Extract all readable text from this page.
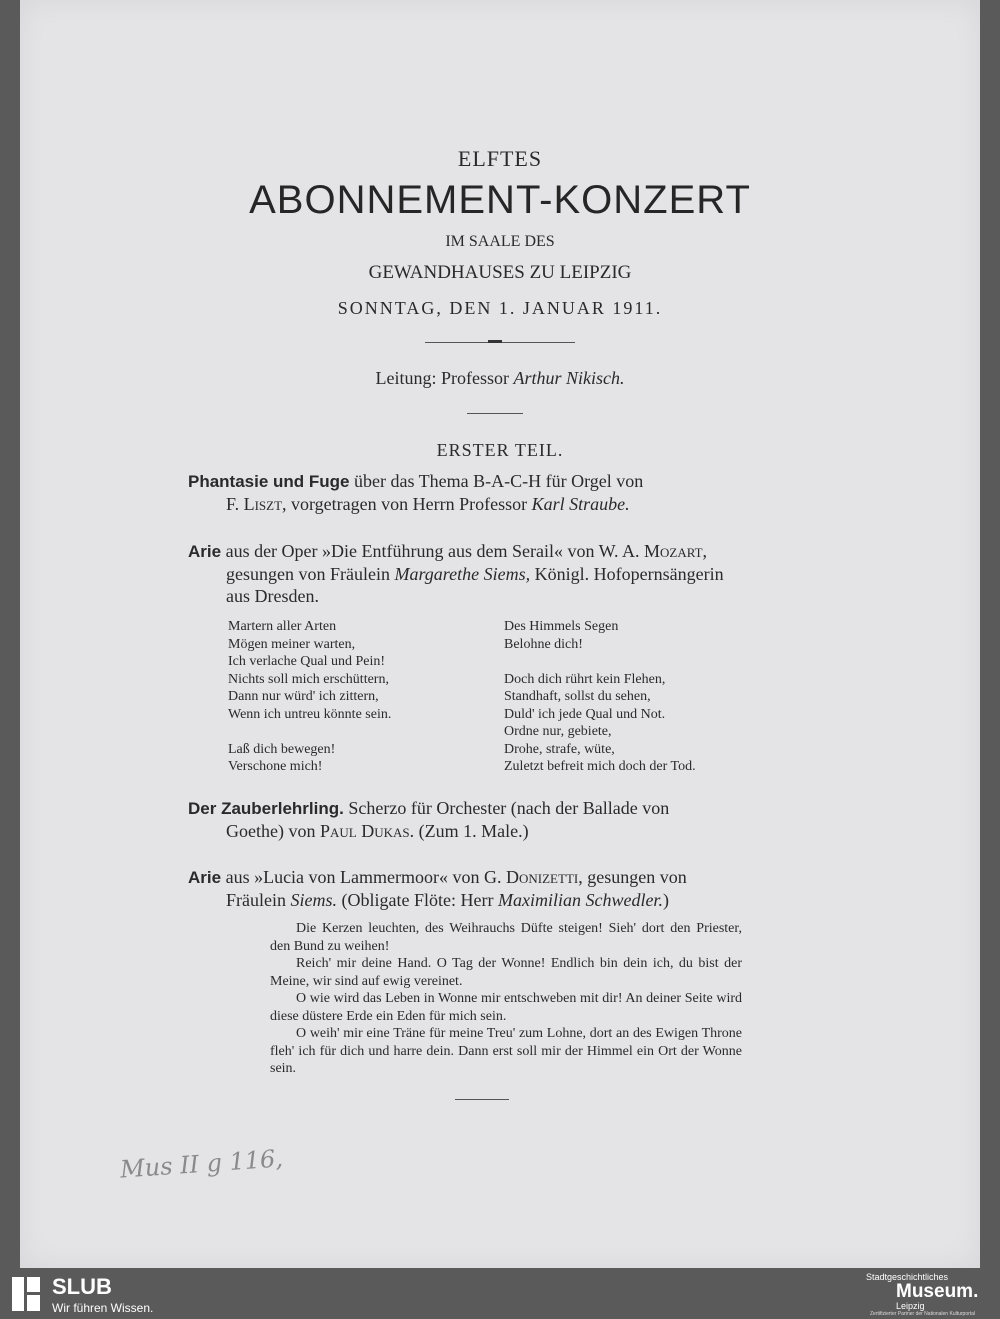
ELFTES
ABONNEMENT-KONZERT
IM SAALE DES
GEWANDHAUSES ZU LEIPZIG
SONNTAG, DEN 1. JANUAR 1911.
Leitung: Professor Arthur Nikisch.
ERSTER TEIL.

Phantasie und Fuge über das Thema B-A-C-H für Orgel von

F. Liszt, vorgetragen von Herrn Professor Karl Straube.

Arie aus der Oper »Die Entführung aus dem Serail« von W. A. Mozart,

gesungen von Fräulein Margarethe Siems, Königl. Hofopernsängerin

aus Dresden.

Martern aller Arten
Mögen meiner warten,
Ich verlache Qual und Pein!
Nichts soll mich erschüttern,
Dann nur würd' ich zittern,
Wenn ich untreu könnte sein.
Laß dich bewegen!
Verschone mich!
Des Himmels Segen
Belohne dich!
Doch dich rührt kein Flehen,
Standhaft, sollst du sehen,
Duld' ich jede Qual und Not.
Ordne nur, gebiete,
Drohe, strafe, wüte,
Zuletzt befreit mich doch der Tod.

Der Zauberlehrling. Scherzo für Orchester (nach der Ballade von

Goethe) von Paul Dukas. (Zum 1. Male.)

Arie aus »Lucia von Lammermoor« von G. Donizetti, gesungen von

Fräulein Siems. (Obligate Flöte: Herr Maximilian Schwedler.)

Die Kerzen leuchten, des Weihrauchs Düfte steigen! Sieh' dort den Priester, den Bund zu weihen!

Reich' mir deine Hand. O Tag der Wonne! Endlich bin dein ich, du bist der Meine, wir sind auf ewig vereinet.

O wie wird das Leben in Wonne mir entschweben mit dir! An deiner Seite wird diese düstere Erde ein Eden für mich sein.

O weih' mir eine Träne für meine Treu' zum Lohne, dort an des Ewigen Throne fleh' ich für dich und harre dein. Dann erst soll mir der Himmel ein Ort der Wonne sein.

Mus II g 116,
SLUB
Wir führen Wissen.
Stadtgeschichtliches
Museum.
Leipzig
Zertifizierter Partner der Nationalen Kulturportal
